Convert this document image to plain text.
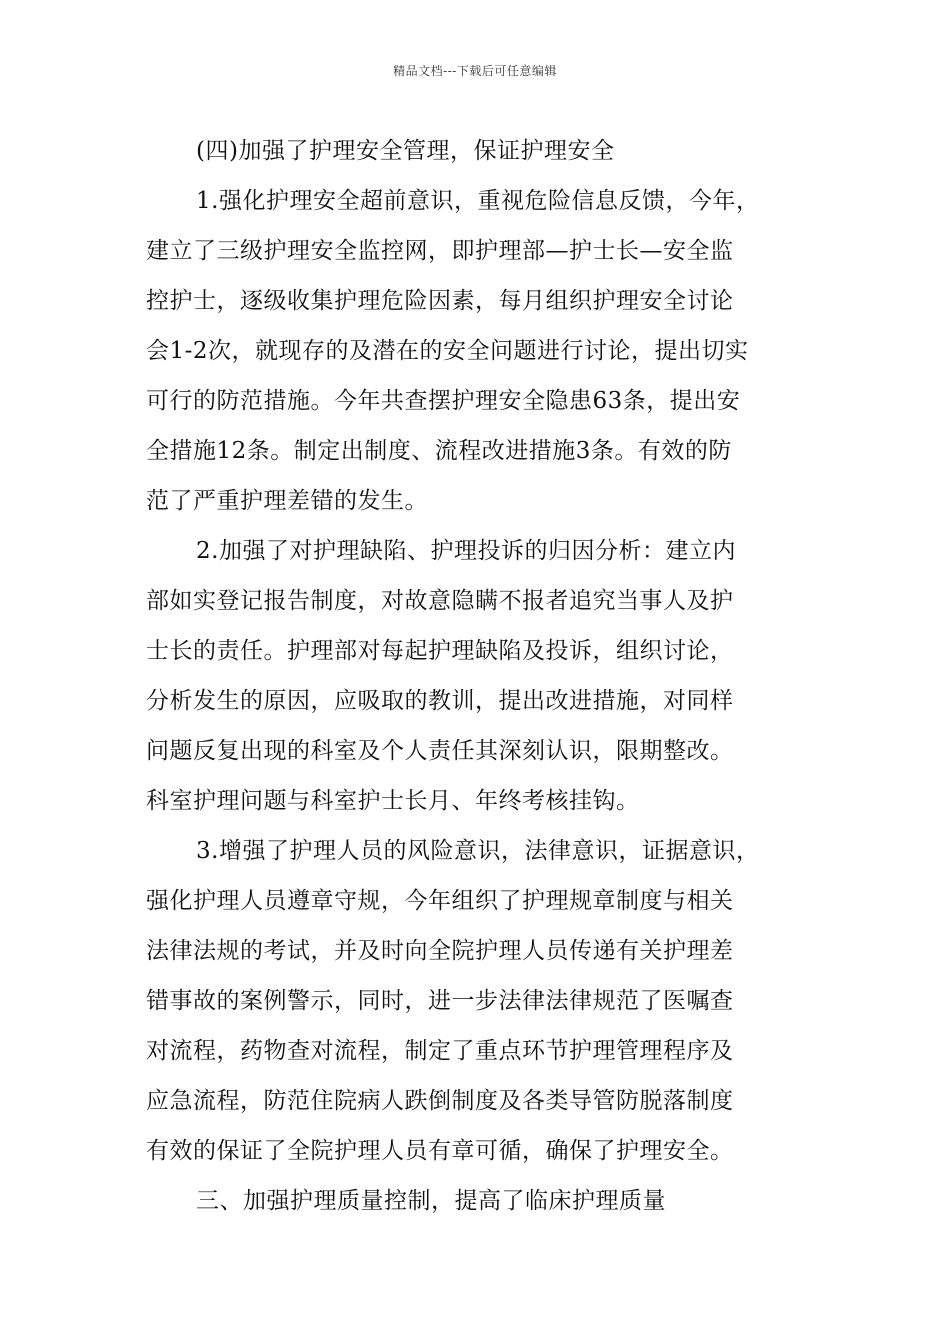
精品文档---下载后可任意编辑
(四)加强了护理安全管理，保证护理安全
1.强化护理安全超前意识，重视危险信息反馈，今年，
建立了三级护理安全监控网，即护理部—护士长—安全监
控护士，逐级收集护理危险因素，每月组织护理安全讨论
会1-2次，就现存的及潜在的安全问题进行讨论，提出切实
可行的防范措施。今年共查摆护理安全隐患63条，提出安
全措施12条。制定出制度、流程改进措施3条。有效的防
范了严重护理差错的发生。
2.加强了对护理缺陷、护理投诉的归因分析：建立内
部如实登记报告制度，对故意隐瞒不报者追究当事人及护
士长的责任。护理部对每起护理缺陷及投诉，组织讨论，
分析发生的原因，应吸取的教训，提出改进措施，对同样
问题反复出现的科室及个人责任其深刻认识，限期整改。
科室护理问题与科室护士长月、年终考核挂钩。
3.增强了护理人员的风险意识，法律意识，证据意识，
强化护理人员遵章守规，今年组织了护理规章制度与相关
法律法规的考试，并及时向全院护理人员传递有关护理差
错事故的案例警示，同时，进一步法律法律规范了医嘱查
对流程，药物查对流程，制定了重点环节护理管理程序及
应急流程，防范住院病人跌倒制度及各类导管防脱落制度
有效的保证了全院护理人员有章可循，确保了护理安全。
三、加强护理质量控制，提高了临床护理质量
